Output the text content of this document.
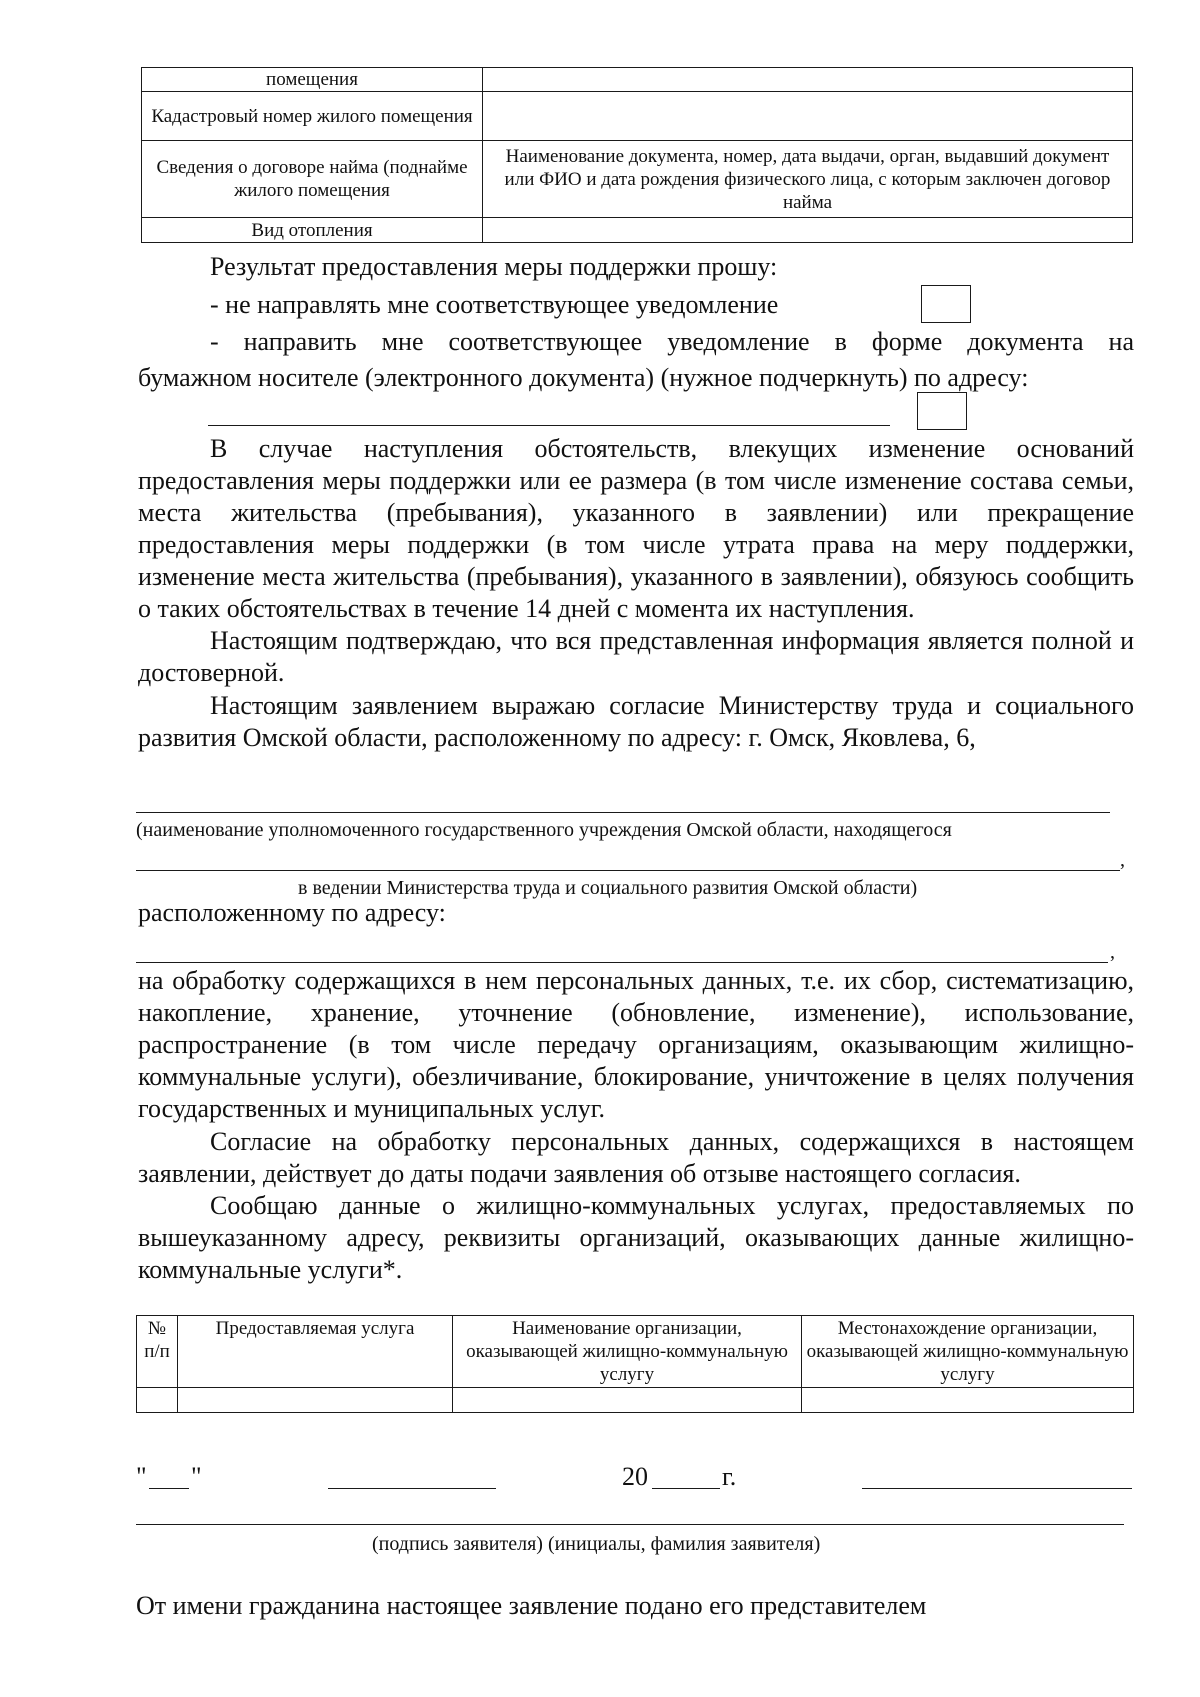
помещения	
Кадастровый номер жилого помещения	
Сведения о договоре найма (поднайме жилого помещения	Наименование документа, номер, дата выдачи, орган, выдавший документ или ФИО и дата рождения физического лица, с которым заключен договор найма
Вид отопления	
Результат предоставления меры поддержки прошу:
- не направлять мне соответствующее уведомление
- направить мне соответствующее уведомление в форме документа на
бумажном носителе (электронного документа) (нужное подчеркнуть) по адресу:
В случае наступления обстоятельств, влекущих изменение оснований предоставления меры поддержки или ее размера (в том числе изменение состава семьи, места жительства (пребывания), указанного в заявлении) или прекращение предоставления меры поддержки (в том числе утрата права на меру поддержки, изменение места жительства (пребывания), указанного в заявлении), обязуюсь сообщить о таких обстоятельствах в течение 14 дней с момента их наступления.
Настоящим подтверждаю, что вся представленная информация является полной и достоверной.
Настоящим заявлением выражаю согласие Министерству труда и социального развития Омской области, расположенному по адресу: г. Омск, Яковлева, 6,
(наименование уполномоченного государственного учреждения Омской области, находящегося
,
в ведении Министерства труда и социального развития Омской области)
расположенному по адресу:
,
на обработку содержащихся в нем персональных данных, т.е. их сбор, систематизацию, накопление, хранение, уточнение (обновление, изменение), использование, распространение (в том числе передачу организациям, оказывающим жилищно-коммунальные услуги), обезличивание, блокирование, уничтожение в целях получения государственных и муниципальных услуг.
Согласие на обработку персональных данных, содержащихся в настоящем заявлении, действует до даты подачи заявления об отзыве настоящего согласия.
Сообщаю данные о жилищно-коммунальных услугах, предоставляемых по вышеуказанному адресу, реквизиты организаций, оказывающих данные жилищно-коммунальные услуги*.
№ п/п	Предоставляемая услуга	Наименование организации, оказывающей жилищно-коммунальную услугу	Местонахождение организации, оказывающей жилищно-коммунальную услугу

" "	20	г.
(подпись заявителя) (инициалы, фамилия заявителя)
От имени гражданина настоящее заявление подано его представителем
